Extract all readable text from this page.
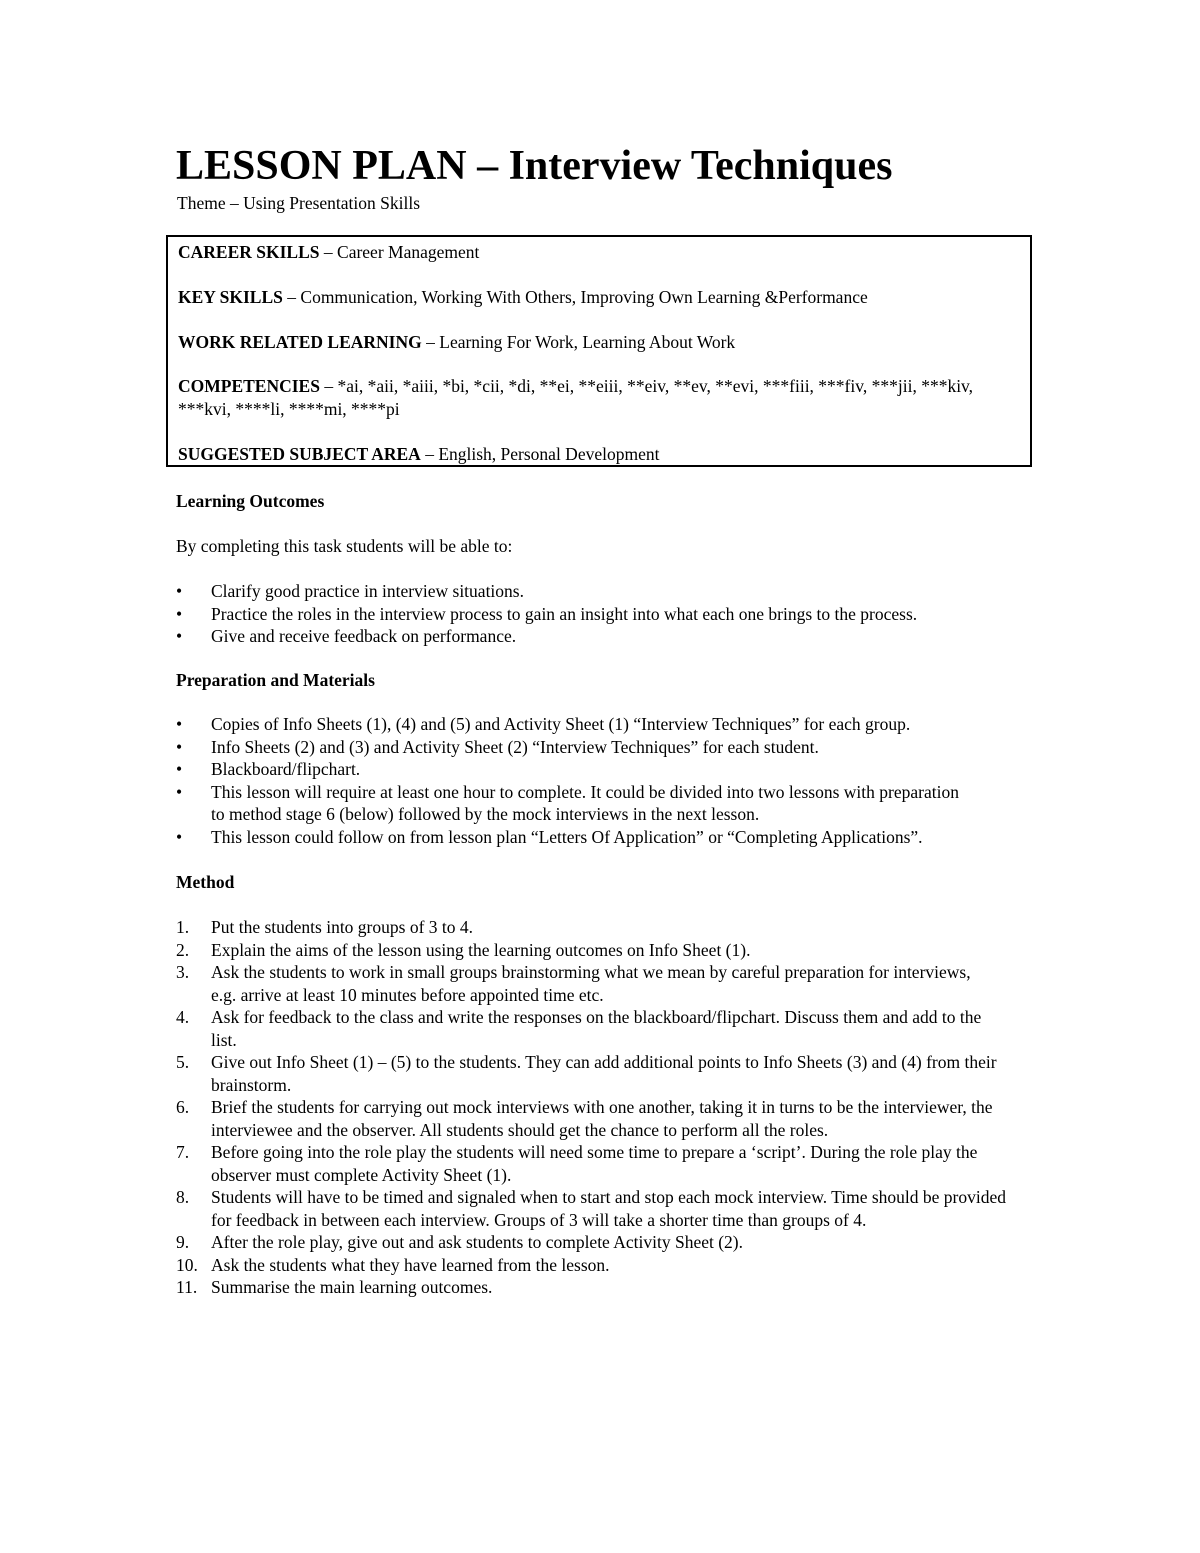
LESSON PLAN – Interview Techniques

Theme – Using Presentation Skills

CAREER SKILLS – Career Management

KEY SKILLS – Communication, Working With Others, Improving Own Learning &Performance

WORK RELATED LEARNING – Learning For Work, Learning About Work

COMPETENCIES – *ai, *aii, *aiii, *bi, *cii, *di, **ei, **eiii, **eiv, **ev, **evi, ***fiii, ***fiv, ***jii, ***kiv, ***kvi, ****li, ****mi, ****pi

SUGGESTED SUBJECT AREA – English, Personal Development

Learning Outcomes

By completing this task students will be able to:

•	Clarify good practice in interview situations.
•	Practice the roles in the interview process to gain an insight into what each one brings to the process.
•	Give and receive feedback on performance.
Preparation and Materials
•	Copies of Info Sheets (1), (4) and (5) and Activity Sheet (1) “Interview Techniques” for each group.
•	Info Sheets (2) and (3) and Activity Sheet (2) “Interview Techniques” for each student.
•	Blackboard/flipchart.
•	This lesson will require at least one hour to complete. It could be divided into two lessons with preparation to method stage 6 (below) followed by the mock interviews in the next lesson.
•	This lesson could follow on from lesson plan “Letters Of Application” or “Completing Applications”.
Method
1.	Put the students into groups of 3 to 4.
2.	Explain the aims of the lesson using the learning outcomes on Info Sheet (1).
3.	Ask the students to work in small groups brainstorming what we mean by careful preparation for interviews, e.g. arrive at least 10 minutes before appointed time etc.
4.	Ask for feedback to the class and write the responses on the blackboard/flipchart. Discuss them and add to the list.
5.	Give out Info Sheet (1) – (5) to the students. They can add additional points to Info Sheets (3) and (4) from their brainstorm.
6.	Brief the students for carrying out mock interviews with one another, taking it in turns to be the interviewer, the interviewee and the observer. All students should get the chance to perform all the roles.
7.	Before going into the role play the students will need some time to prepare a ‘script’. During the role play the observer must complete Activity Sheet (1).
8.	Students will have to be timed and signaled when to start and stop each mock interview. Time should be provided for feedback in between each interview. Groups of 3 will take a shorter time than groups of 4.
9.	After the role play, give out and ask students to complete Activity Sheet (2).
10. Ask the students what they have learned from the lesson.
11. Summarise the main learning outcomes.
